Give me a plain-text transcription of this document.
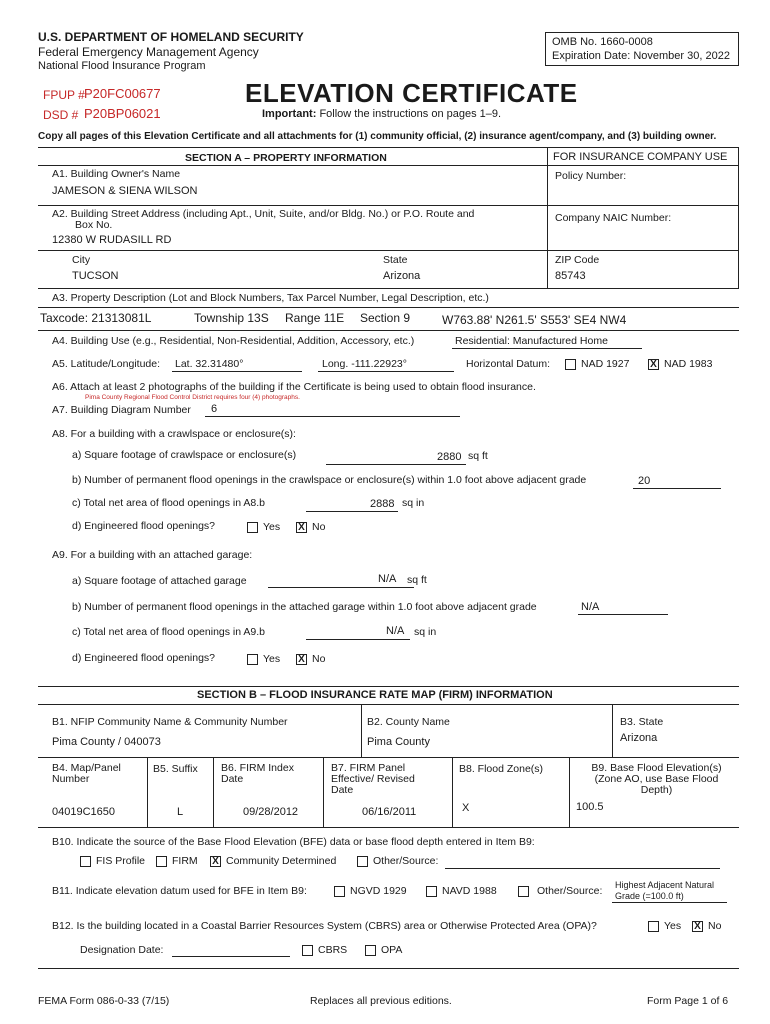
U.S. DEPARTMENT OF HOMELAND SECURITY
Federal Emergency Management Agency
National Flood Insurance Program
OMB No. 1660-0008
Expiration Date: November 30, 2022
FPUP # P20FC00677
DSD # P20BP06021
ELEVATION CERTIFICATE
Important: Follow the instructions on pages 1–9.
Copy all pages of this Elevation Certificate and all attachments for (1) community official, (2) insurance agent/company, and (3) building owner.
SECTION A – PROPERTY INFORMATION	FOR INSURANCE COMPANY USE
A1. Building Owner's Name
JAMESON & SIENA WILSON
Policy Number:
A2. Building Street Address (including Apt., Unit, Suite, and/or Bldg. No.) or P.O. Route and
Box No.
12380 W RUDASILL RD
Company NAIC Number:
City
TUCSON
State
Arizona
ZIP Code
85743
A3. Property Description (Lot and Block Numbers, Tax Parcel Number, Legal Description, etc.)
Taxcode: 21313081L	Township 13S Range 11E Section 9	W763.88' N261.5' S553' SE4 NW4
A4. Building Use (e.g., Residential, Non-Residential, Addition, Accessory, etc.)	Residential: Manufactured Home
A5. Latitude/Longitude: Lat. 32.31480°	Long. -111.22923°	Horizontal Datum:	NAD 1927 X NAD 1983
A6. Attach at least 2 photographs of the building if the Certificate is being used to obtain flood insurance.
Pima County Regional Flood Control District requires four (4) photographs.
A7. Building Diagram Number 6
A8. For a building with a crawlspace or enclosure(s):
a) Square footage of crawlspace or enclosure(s)	2880 sq ft
b) Number of permanent flood openings in the crawlspace or enclosure(s) within 1.0 foot above adjacent grade	20
c) Total net area of flood openings in A8.b	2888 sq in
d) Engineered flood openings?	Yes X No
A9. For a building with an attached garage:
a) Square footage of attached garage	N/A sq ft
b) Number of permanent flood openings in the attached garage within 1.0 foot above adjacent grade	N/A
c) Total net area of flood openings in A9.b	N/A sq in
d) Engineered flood openings?	Yes X No
SECTION B – FLOOD INSURANCE RATE MAP (FIRM) INFORMATION
B1. NFIP Community Name & Community Number
Pima County / 040073
B2. County Name
Pima County
B3. State
Arizona
B4. Map/Panel Number
04019C1650
B5. Suffix
L
B6. FIRM Index Date
09/28/2012
B7. FIRM Panel Effective/ Revised Date
06/16/2011
B8. Flood Zone(s)
X
B9. Base Flood Elevation(s) (Zone AO, use Base Flood Depth)
100.5
B10. Indicate the source of the Base Flood Elevation (BFE) data or base flood depth entered in Item B9:
FIS Profile	FIRM X Community Determined	Other/Source:
B11. Indicate elevation datum used for BFE in Item B9:	NGVD 1929	NAVD 1988	Other/Source: Highest Adjacent Natural
Grade (=100.0 ft)
B12. Is the building located in a Coastal Barrier Resources System (CBRS) area or Otherwise Protected Area (OPA)?	Yes X No
Designation Date:	CBRS	OPA
FEMA Form 086-0-33 (7/15)	Replaces all previous editions.	Form Page 1 of 6
